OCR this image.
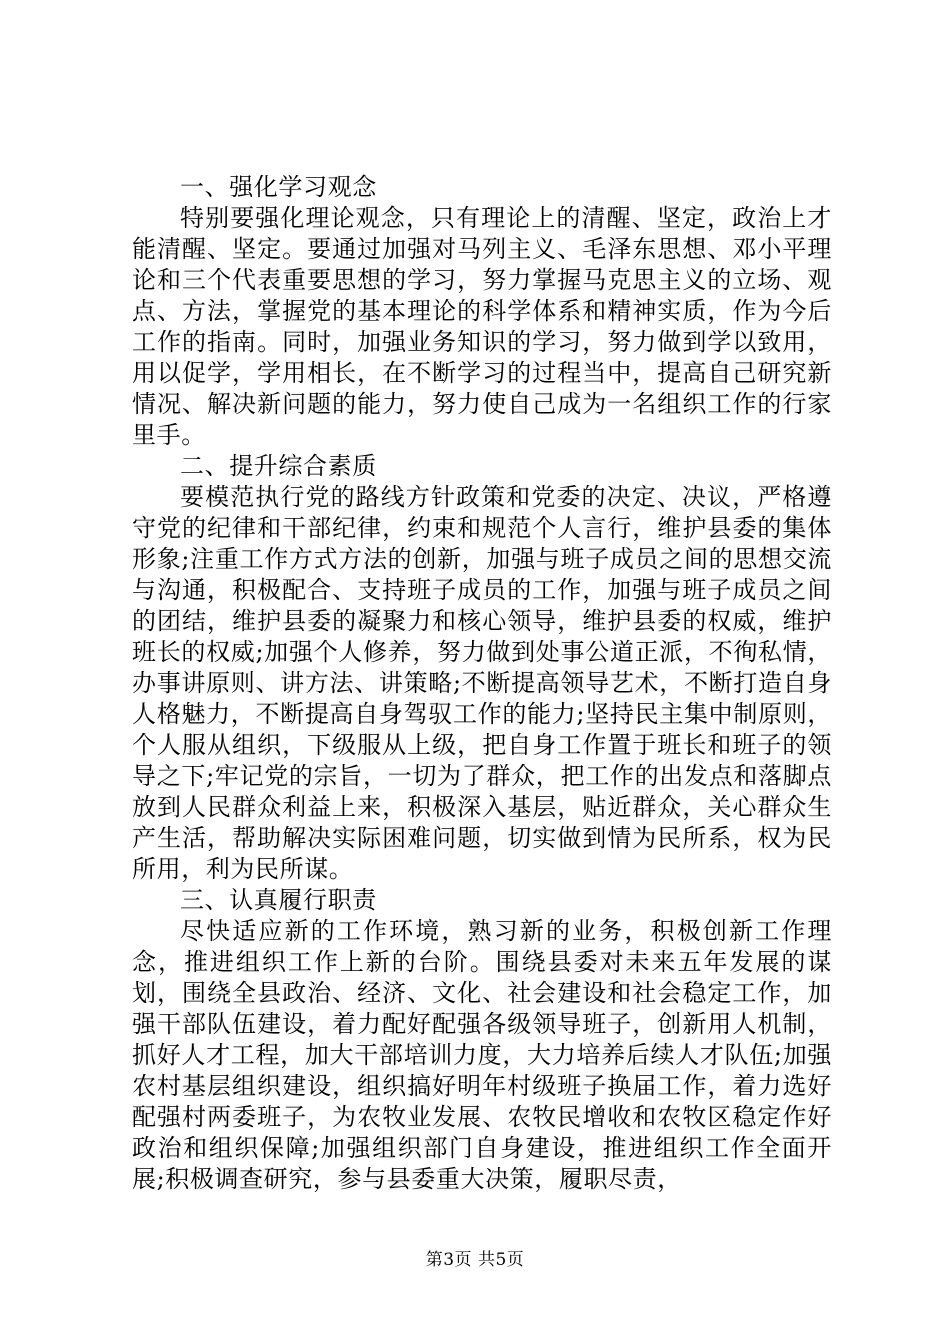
一、强化学习观念

特别要强化理论观念，只有理论上的清醒、坚定，政治上才能清醒、坚定。要通过加强对马列主义、毛泽东思想、邓小平理论和三个代表重要思想的学习，努力掌握马克思主义的立场、观点、方法，掌握党的基本理论的科学体系和精神实质，作为今后工作的指南。同时，加强业务知识的学习，努力做到学以致用，用以促学，学用相长，在不断学习的过程当中，提高自己研究新情况、解决新问题的能力，努力使自己成为一名组织工作的行家里手。

二、提升综合素质

要模范执行党的路线方针政策和党委的决定、决议，严格遵守党的纪律和干部纪律，约束和规范个人言行，维护县委的集体形象;注重工作方式方法的创新，加强与班子成员之间的思想交流与沟通，积极配合、支持班子成员的工作，加强与班子成员之间的团结，维护县委的凝聚力和核心领导，维护县委的权威，维护班长的权威;加强个人修养，努力做到处事公道正派，不徇私情，办事讲原则、讲方法、讲策略;不断提高领导艺术，不断打造自身人格魅力，不断提高自身驾驭工作的能力;坚持民主集中制原则，个人服从组织，下级服从上级，把自身工作置于班长和班子的领导之下;牢记党的宗旨，一切为了群众，把工作的出发点和落脚点放到人民群众利益上来，积极深入基层，贴近群众，关心群众生产生活，帮助解决实际困难问题，切实做到情为民所系，权为民所用，利为民所谋。

三、认真履行职责

尽快适应新的工作环境，熟习新的业务，积极创新工作理念，推进组织工作上新的台阶。围绕县委对未来五年发展的谋划，围绕全县政治、经济、文化、社会建设和社会稳定工作，加强干部队伍建设，着力配好配强各级领导班子，创新用人机制，抓好人才工程，加大干部培训力度，大力培养后续人才队伍;加强农村基层组织建设，组织搞好明年村级班子换届工作，着力选好配强村两委班子，为农牧业发展、农牧民增收和农牧区稳定作好政治和组织保障;加强组织部门自身建设，推进组织工作全面开展;积极调查研究，参与县委重大决策，履职尽责，

第3页 共5页
